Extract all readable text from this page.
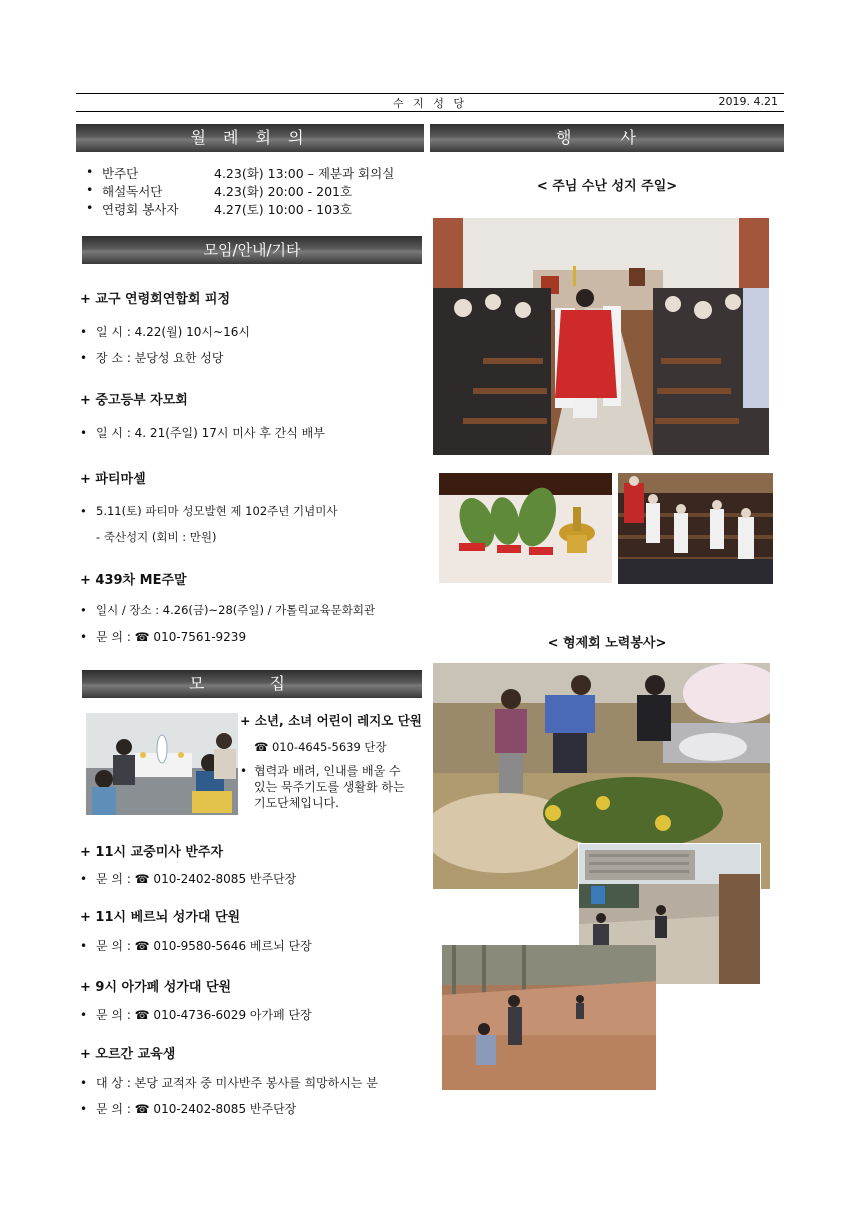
수 지 성 당	2019. 4.21
월 례 회 의
• 반주단	4.23(화) 13:00 – 제분과 회의실
• 해설독서단	4.23(화) 20:00 - 201호
• 연령회 봉사자	4.27(토) 10:00 - 103호
모임/안내/기타
+ 교구 연령회연합회 피정
• 일 시 : 4.22(월) 10시~16시
• 장 소 : 분당성 요한 성당
+ 중고등부 자모회
• 일 시 : 4. 21(주일) 17시 미사 후 간식 배부
+ 파티마셀
• 5.11(토) 파티마 성모발현 제 102주년 기념미사
- 죽산성지 (회비 : 만원)
+ 439차 ME주말
• 일시 / 장소 : 4.26(금)~28(주일) / 가톨릭교육문화회관
• 문 의 : ☎ 010-7561-9239
모 집
+ 소년, 소녀 어린이 레지오 단원
☎ 010-4645-5639 단장
• 협력과 배려, 인내를 배울 수
있는 묵주기도를 생활화 하는
기도단체입니다.
+ 11시 교중미사 반주자
• 문 의 : ☎ 010-2402-8085 반주단장
+ 11시 베르뇌 성가대 단원
• 문 의 : ☎ 010-9580-5646 베르뇌 단장
+ 9시 아가페 성가대 단원
• 문 의 : ☎ 010-4736-6029 아가페 단장
+ 오르간 교육생
• 대 상 : 본당 교적자 중 미사반주 봉사를 희망하시는 분
• 문 의 : ☎ 010-2402-8085 반주단장
행 사
< 주님 수난 성지 주일>
< 형제회 노력봉사>
